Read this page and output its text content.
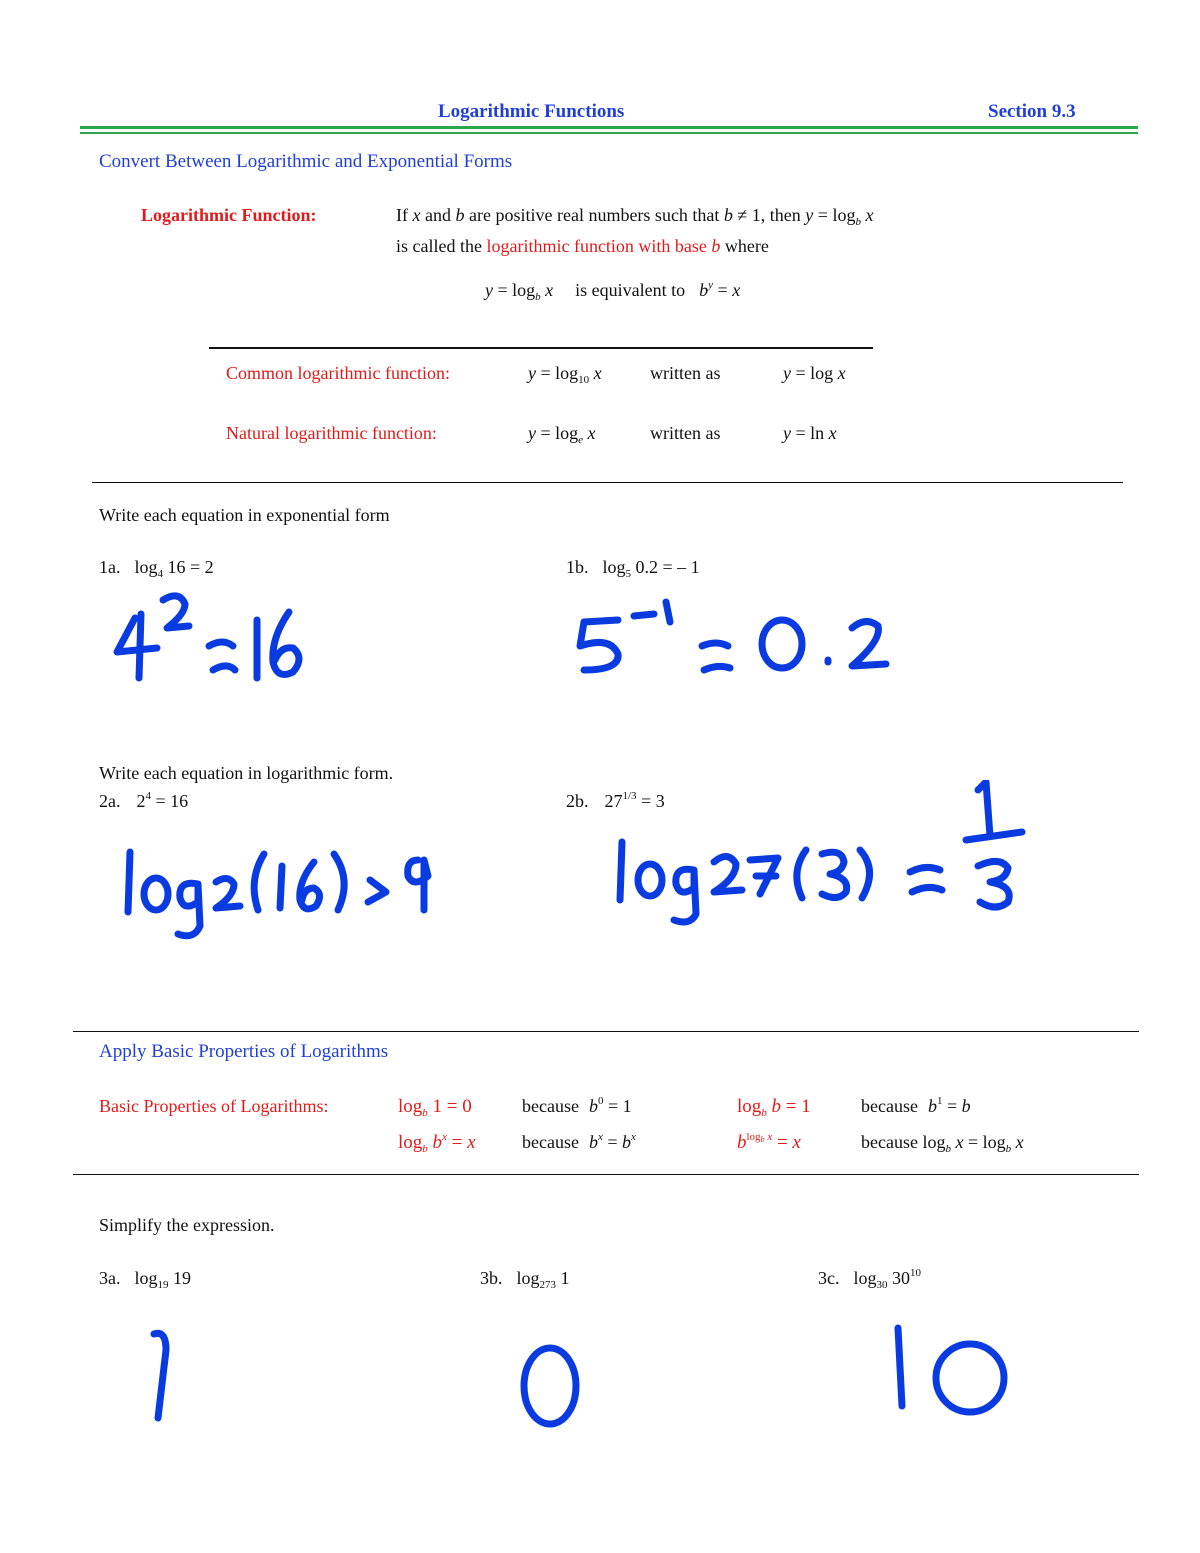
Logarithmic Functions	Section 9.3
Convert Between Logarithmic and Exponential Forms
Logarithmic Function:	If x and b are positive real numbers such that b ≠ 1, then $y = \log_b x$
is called the logarithmic function with base b where
$y = \log_b x$ is equivalent to $b^y = x$
Common logarithmic function:	$y = \log_{10} x$	written as	y = log x
Natural logarithmic function:	$y = \log_e x$	written as	y = ln x
Write each equation in exponential form
1a. $\log_4 16 = 2$	1b. $\log_5 0.2$ = – 1
Write each equation in logarithmic form.
2a. $2^4 = 16$	2b. $27^{1/3} = 3$
Apply Basic Properties of Logarithms
Basic Properties of Logarithms:	$\log_b 1 = 0$	because $b^0 = 1$	$\log_b b = 1$	because $b^1 = b$
$\log_b b^x = x$	because $b^x = b^x$	$b^{log_b x} = x$	because $\log_b x = \log_b x$
Simplify the expression.
3a. $\log_{19} 19$	3b. $\log_{273} 1$	3c. $\log_{30} 30^{10}$
